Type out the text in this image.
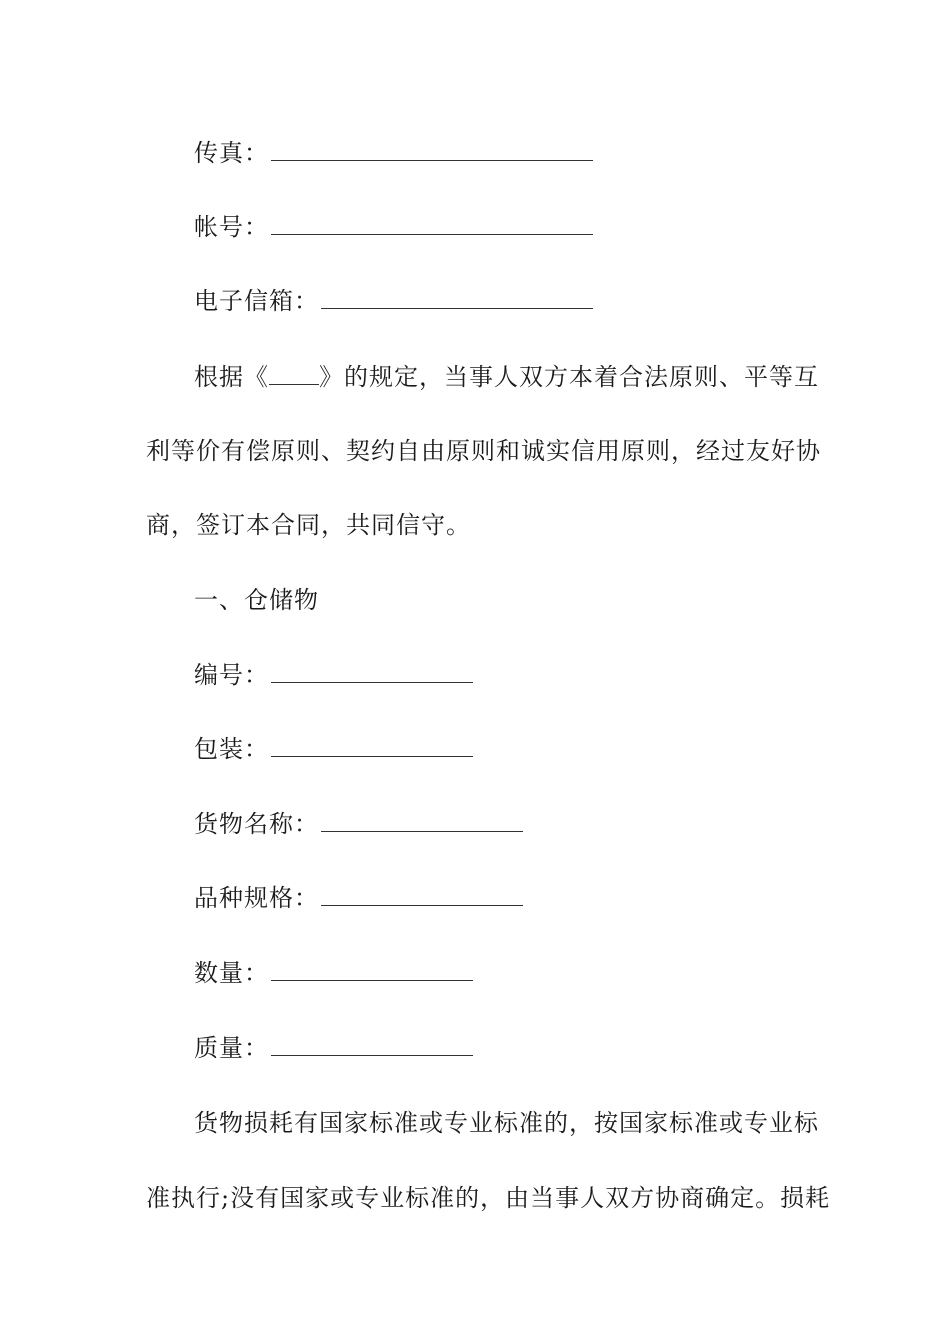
传真：
帐号：
电子信箱：
根据《 》的规定，当事人双方本着合法原则、平等互
利等价有偿原则、契约自由原则和诚实信用原则，经过友好协
商，签订本合同，共同信守。
一、仓储物
编号：
包装：
货物名称：
品种规格：
数量：
质量：
货物损耗有国家标准或专业标准的，按国家标准或专业标
准执行;没有国家或专业标准的，由当事人双方协商确定。损耗
